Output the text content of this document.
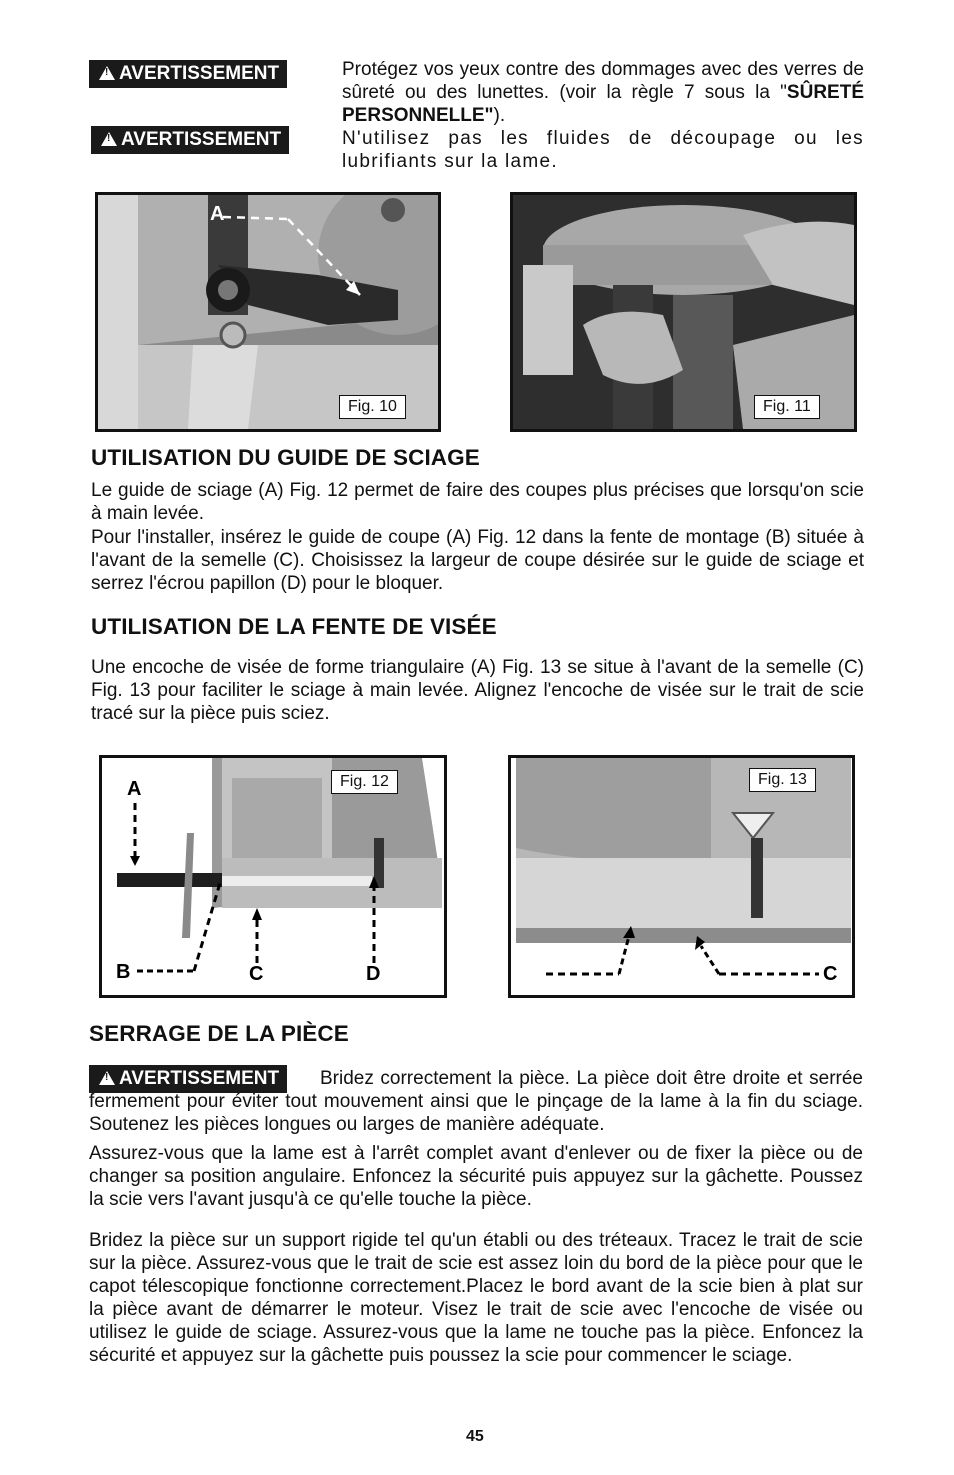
!AVERTISSEMENT	Protégez vos yeux contre des dommages avec des verres de sûreté ou des lunettes. (voir la règle 7 sous la "SÛRETÉ PERSONNELLE").
!AVERTISSEMENT	N'utilisez pas les fluides de découpage ou les lubrifiants sur la lame.
A
Fig. 10	Fig. 11
UTILISATION DU GUIDE DE SCIAGE
Le guide de sciage (A) Fig. 12 permet de faire des coupes plus précises que lorsqu'on scie à main levée.
Pour l'installer, insérez le guide de coupe (A) Fig. 12 dans la fente de montage (B) située à l'avant de la semelle (C). Choisissez la largeur de coupe désirée sur le guide de sciage et serrez l'écrou papillon (D) pour le bloquer.
UTILISATION DE LA FENTE DE VISÉE
Une encoche de visée de forme triangulaire (A) Fig. 13 se situe à l'avant de la semelle (C) Fig. 13 pour faciliter le sciage à main levée. Alignez l'encoche de visée sur le trait de scie tracé sur la pièce puis sciez.
A
B	C	D
Fig. 12
C
Fig. 13
SERRAGE DE LA PIÈCE
!AVERTISSEMENT	Bridez correctement la pièce. La pièce doit être droite et serrée fermement pour éviter tout mouvement ainsi que le pinçage de la lame à la fin du sciage. Soutenez les pièces longues ou larges de manière adéquate.
Assurez-vous que la lame est à l'arrêt complet avant d'enlever ou de fixer la pièce ou de changer sa position angulaire. Enfoncez la sécurité puis appuyez sur la gâchette. Poussez la scie vers l'avant jusqu'à ce qu'elle touche la pièce.
Bridez la pièce sur un support rigide tel qu'un établi ou des tréteaux. Tracez le trait de scie sur la pièce. Assurez-vous que le trait de scie est assez loin du bord de la pièce pour que le capot télescopique fonctionne correctement.Placez le bord avant de la scie bien à plat sur la pièce avant de démarrer le moteur. Visez le trait de scie avec l'encoche de visée ou utilisez le guide de sciage. Assurez-vous que la lame ne touche pas la pièce. Enfoncez la sécurité et appuyez sur la gâchette puis poussez la scie pour commencer le sciage.
45
